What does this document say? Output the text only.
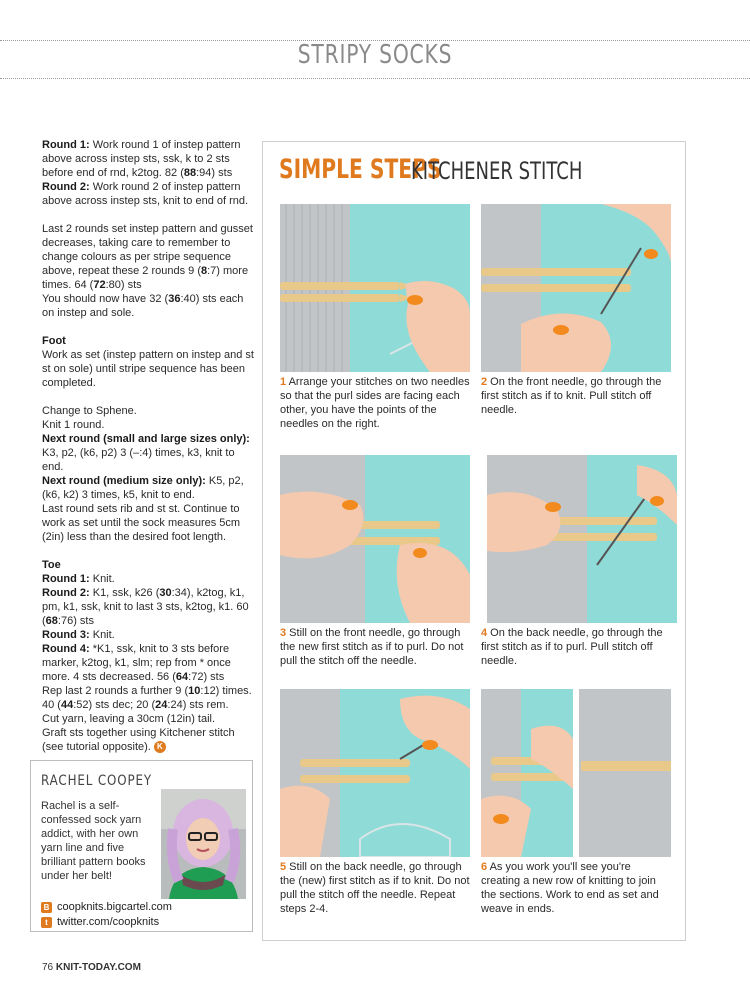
STRIPY SOCKS

Round 1: Work round 1 of instep pattern above across instep sts, ssk, k to 2 sts before end of rnd, k2tog. 82 (88:94) sts

Round 2: Work round 2 of instep pattern above across instep sts, knit to end of rnd.

Last 2 rounds set instep pattern and gusset decreases, taking care to remember to change colours as per stripe sequence above, repeat these 2 rounds 9 (8:7) more times. 64 (72:80) sts

You should now have 32 (36:40) sts each on instep and sole.

Foot

Work as set (instep pattern on instep and st st on sole) until stripe sequence has been completed.

Change to Sphene.

Knit 1 round.

Next round (small and large sizes only):

K3, p2, (k6, p2) 3 (–:4) times, k3, knit to end.

Next round (medium size only): K5, p2, (k6, k2) 3 times, k5, knit to end.

Last round sets rib and st st. Continue to work as set until the sock measures 5cm (2in) less than the desired foot length.

Toe

Round 1: Knit.

Round 2: K1, ssk, k26 (30:34), k2tog, k1, pm, k1, ssk, knit to last 3 sts, k2tog, k1. 60 (68:76) sts

Round 3: Knit.

Round 4: *K1, ssk, knit to 3 sts before marker, k2tog, k1, slm; rep from * once more. 4 sts decreased. 56 (64:72) sts

Rep last 2 rounds a further 9 (10:12) times.

40 (44:52) sts dec; 20 (24:24) sts rem.

Cut yarn, leaving a 30cm (12in) tail.

Graft sts together using Kitchener stitch (see tutorial opposite). K

RACHEL COOPEY
Rachel is a self-confessed sock yarn addict, with her own yarn line and five brilliant pattern books under her belt!
B coopknits.bigcartel.com
t twitter.com/coopknits
SIMPLE STEPS
KITCHENER STITCH
1 Arrange your stitches on two needles so that the purl sides are facing each other, you have the points of the needles on the right.
2 On the front needle, go through the first stitch as if to knit. Pull stitch off needle.
3 Still on the front needle, go through the new first stitch as if to purl. Do not pull the stitch off the needle.
4 On the back needle, go through the first stitch as if to purl. Pull stitch off needle.
5 Still on the back needle, go through the (new) first stitch as if to knit. Do not pull the stitch off the needle. Repeat steps 2-4.
6 As you work you'll see you're creating a new row of knitting to join the sections. Work to end as set and weave in ends.
76 KNIT-TODAY.COM
